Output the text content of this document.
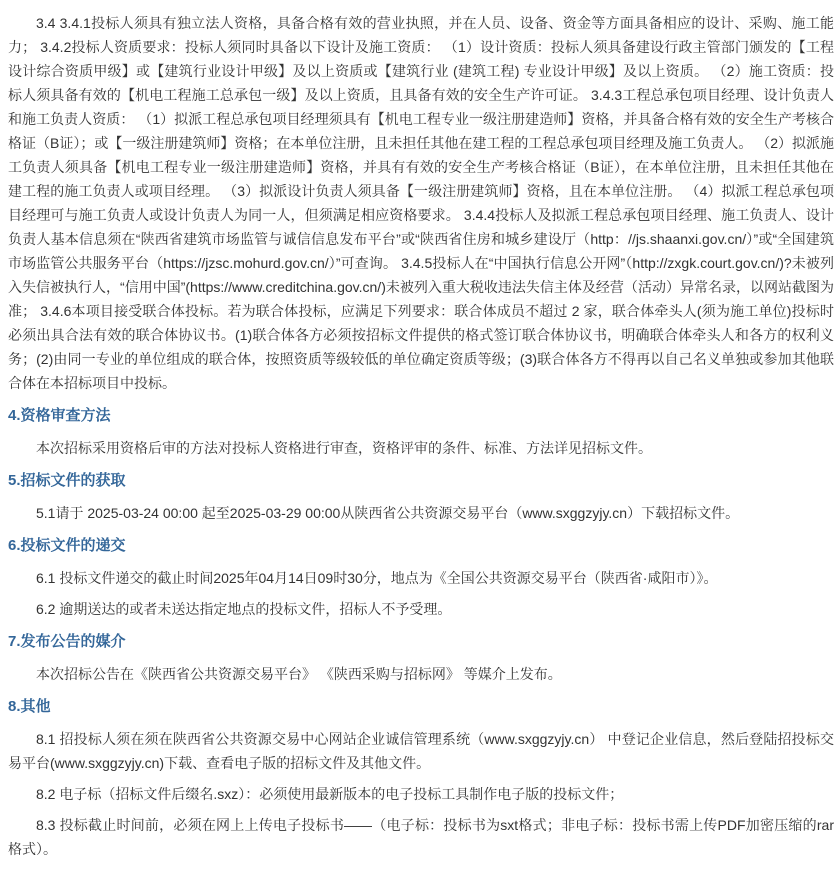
3.4 3.4.1投标人须具有独立法人资格，具备合格有效的营业执照，并在人员、设备、资金等方面具备相应的设计、采购、施工能力； 3.4.2投标人资质要求：投标人须同时具备以下设计及施工资质： （1）设计资质：投标人须具备建设行政主管部门颁发的【工程设计综合资质甲级】或【建筑行业设计甲级】及以上资质或【建筑行业 (建筑工程) 专业设计甲级】及以上资质。 （2）施工资质：投标人须具备有效的【机电工程施工总承包一级】及以上资质，且具备有效的安全生产许可证。 3.4.3工程总承包项目经理、设计负责人和施工负责人资质： （1）拟派工程总承包项目经理须具有【机电工程专业一级注册建造师】资格，并具备合格有效的安全生产考核合格证（B证）；或【一级注册建筑师】资格；在本单位注册，且未担任其他在建工程的工程总承包项目经理及施工负责人。 （2）拟派施工负责人须具备【机电工程专业一级注册建造师】资格，并具有有效的安全生产考核合格证（B证），在本单位注册，且未担任其他在建工程的施工负责人或项目经理。 （3）拟派设计负责人须具备【一级注册建筑师】资格，且在本单位注册。 （4）拟派工程总承包项目经理可与施工负责人或设计负责人为同一人，但须满足相应资格要求。 3.4.4投标人及拟派工程总承包项目经理、施工负责人、设计负责人基本信息须在“陕西省建筑市场监管与诚信信息发布平台”或“陕西省住房和城乡建设厅（http：//js.shaanxi.gov.cn/）”或“全国建筑市场监管公共服务平台（https://jzsc.mohurd.gov.cn/）”可查询。 3.4.5投标人在“中国执行信息公开网”（http://zxgk.court.gov.cn/)?未被列入失信被执行人，“信用中国”(https://www.creditchina.gov.cn/)未被列入重大税收违法失信主体及经营（活动）异常名录，以网站截图为准； 3.4.6本项目接受联合体投标。若为联合体投标，应满足下列要求：联合体成员不超过 2 家，联合体牵头人(须为施工单位)投标时必须出具合法有效的联合体协议书。(1)联合体各方必须按招标文件提供的格式签订联合体协议书，明确联合体牵头人和各方的权利义务；(2)由同一专业的单位组成的联合体，按照资质等级较低的单位确定资质等级；(3)联合体各方不得再以自己名义单独或参加其他联合体在本招标项目中投标。

4.资格审查方法

本次招标采用资格后审的方法对投标人资格进行审查，资格评审的条件、标准、方法详见招标文件。

5.招标文件的获取

5.1请于 2025-03-24 00:00 起至2025-03-29 00:00从陕西省公共资源交易平台（www.sxggzyjy.cn）下载招标文件。

6.投标文件的递交

6.1 投标文件递交的截止时间2025年04月14日09时30分，地点为《全国公共资源交易平台（陕西省·咸阳市）》。

6.2 逾期送达的或者未送达指定地点的投标文件，招标人不予受理。

7.发布公告的媒介

本次招标公告在《陕西省公共资源交易平台》 《陕西采购与招标网》 等媒介上发布。

8.其他

8.1 招投标人须在须在陕西省公共资源交易中心网站企业诚信管理系统（www.sxggzyjy.cn） 中登记企业信息，然后登陆招投标交易平台(www.sxggzyjy.cn)下载、查看电子版的招标文件及其他文件。

8.2 电子标（招标文件后缀名.sxz）：必须使用最新版本的电子投标工具制作电子版的投标文件；

8.3 投标截止时间前，必须在网上上传电子投标书——（电子标：投标书为sxt格式；非电子标：投标书需上传PDF加密压缩的rar格式）。
